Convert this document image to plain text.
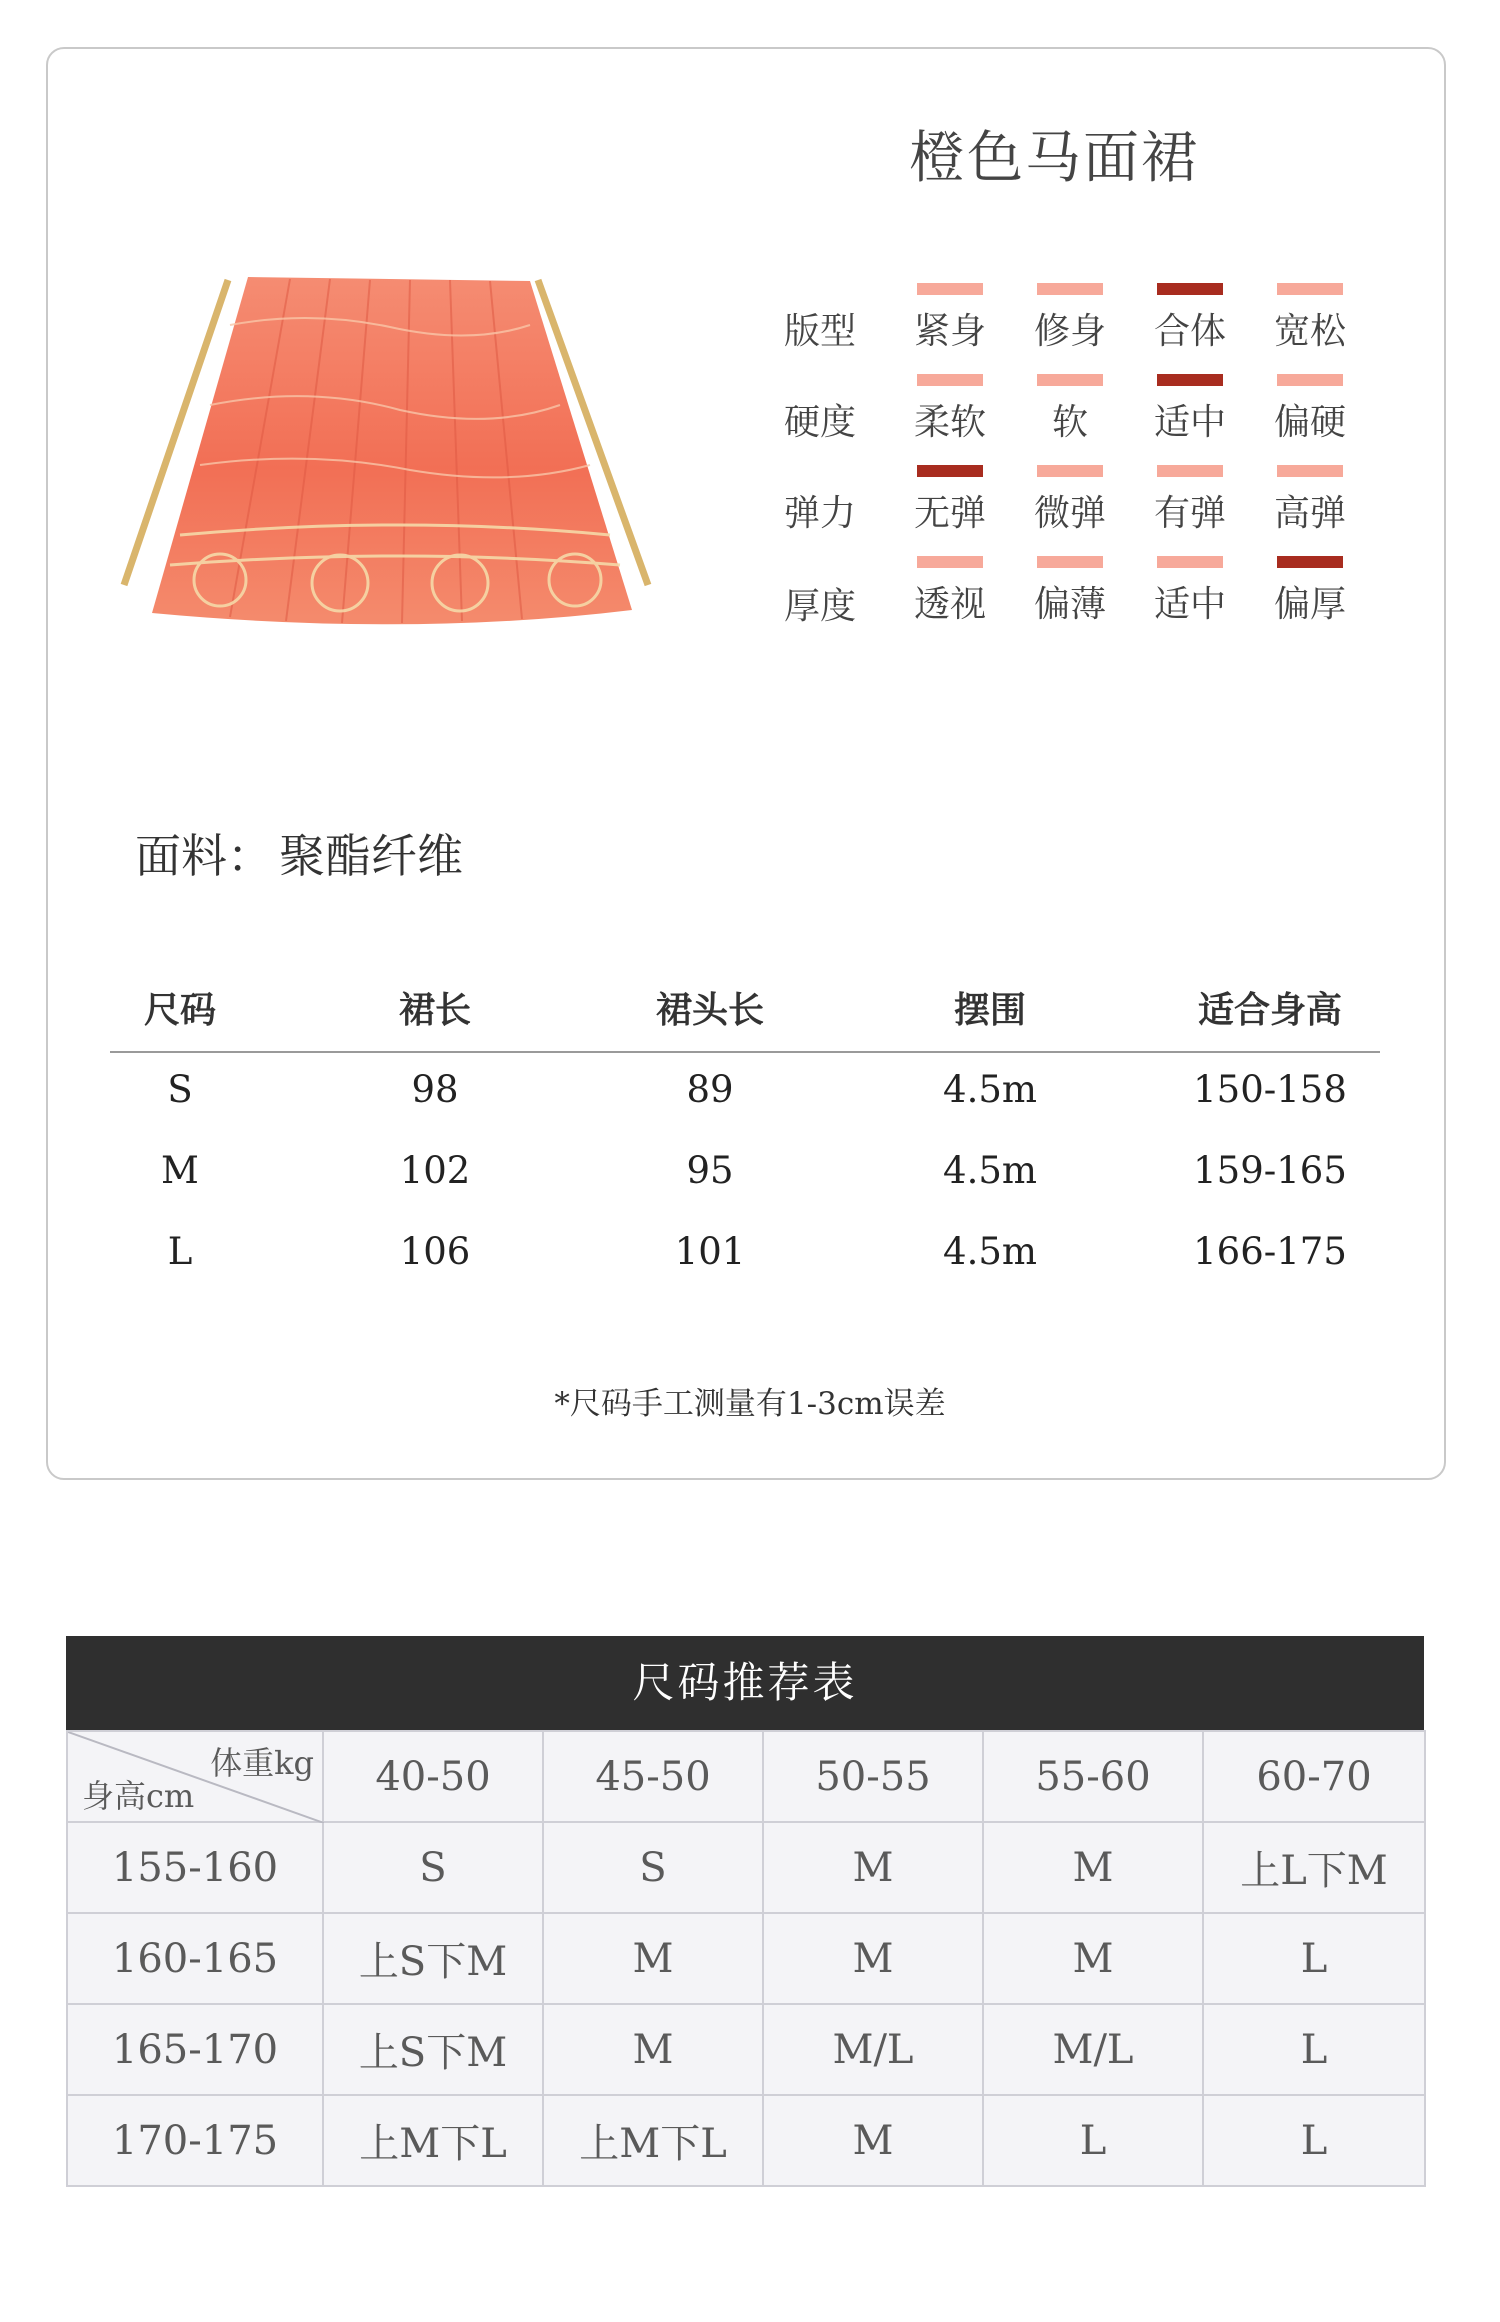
橙色马面裙
版型 紧身 修身 合体 宽松
硬度 柔软	软	适中 偏硬
弹力 无弹 微弹 有弹 高弹
厚度 透视 偏薄 适中 偏厚
面料： 聚酯纤维
尺码	裙长	裙头长	摆围	适合身高
S	98	89	4.5m	150-158
M	102	95	4.5m	159-165
L	106	101	4.5m	166-175
*尺码手工测量有1-3cm误差
尺码推荐表
体重kg
身高cm	40-50	45-50	50-55	55-60	60-70
155-160	S	S	M	M	上L下M
160-165	上S下M	M	M	M	L
165-170	上S下M	M	M/L	M/L	L
170-175	上M下L	上M下L	M	L	L
